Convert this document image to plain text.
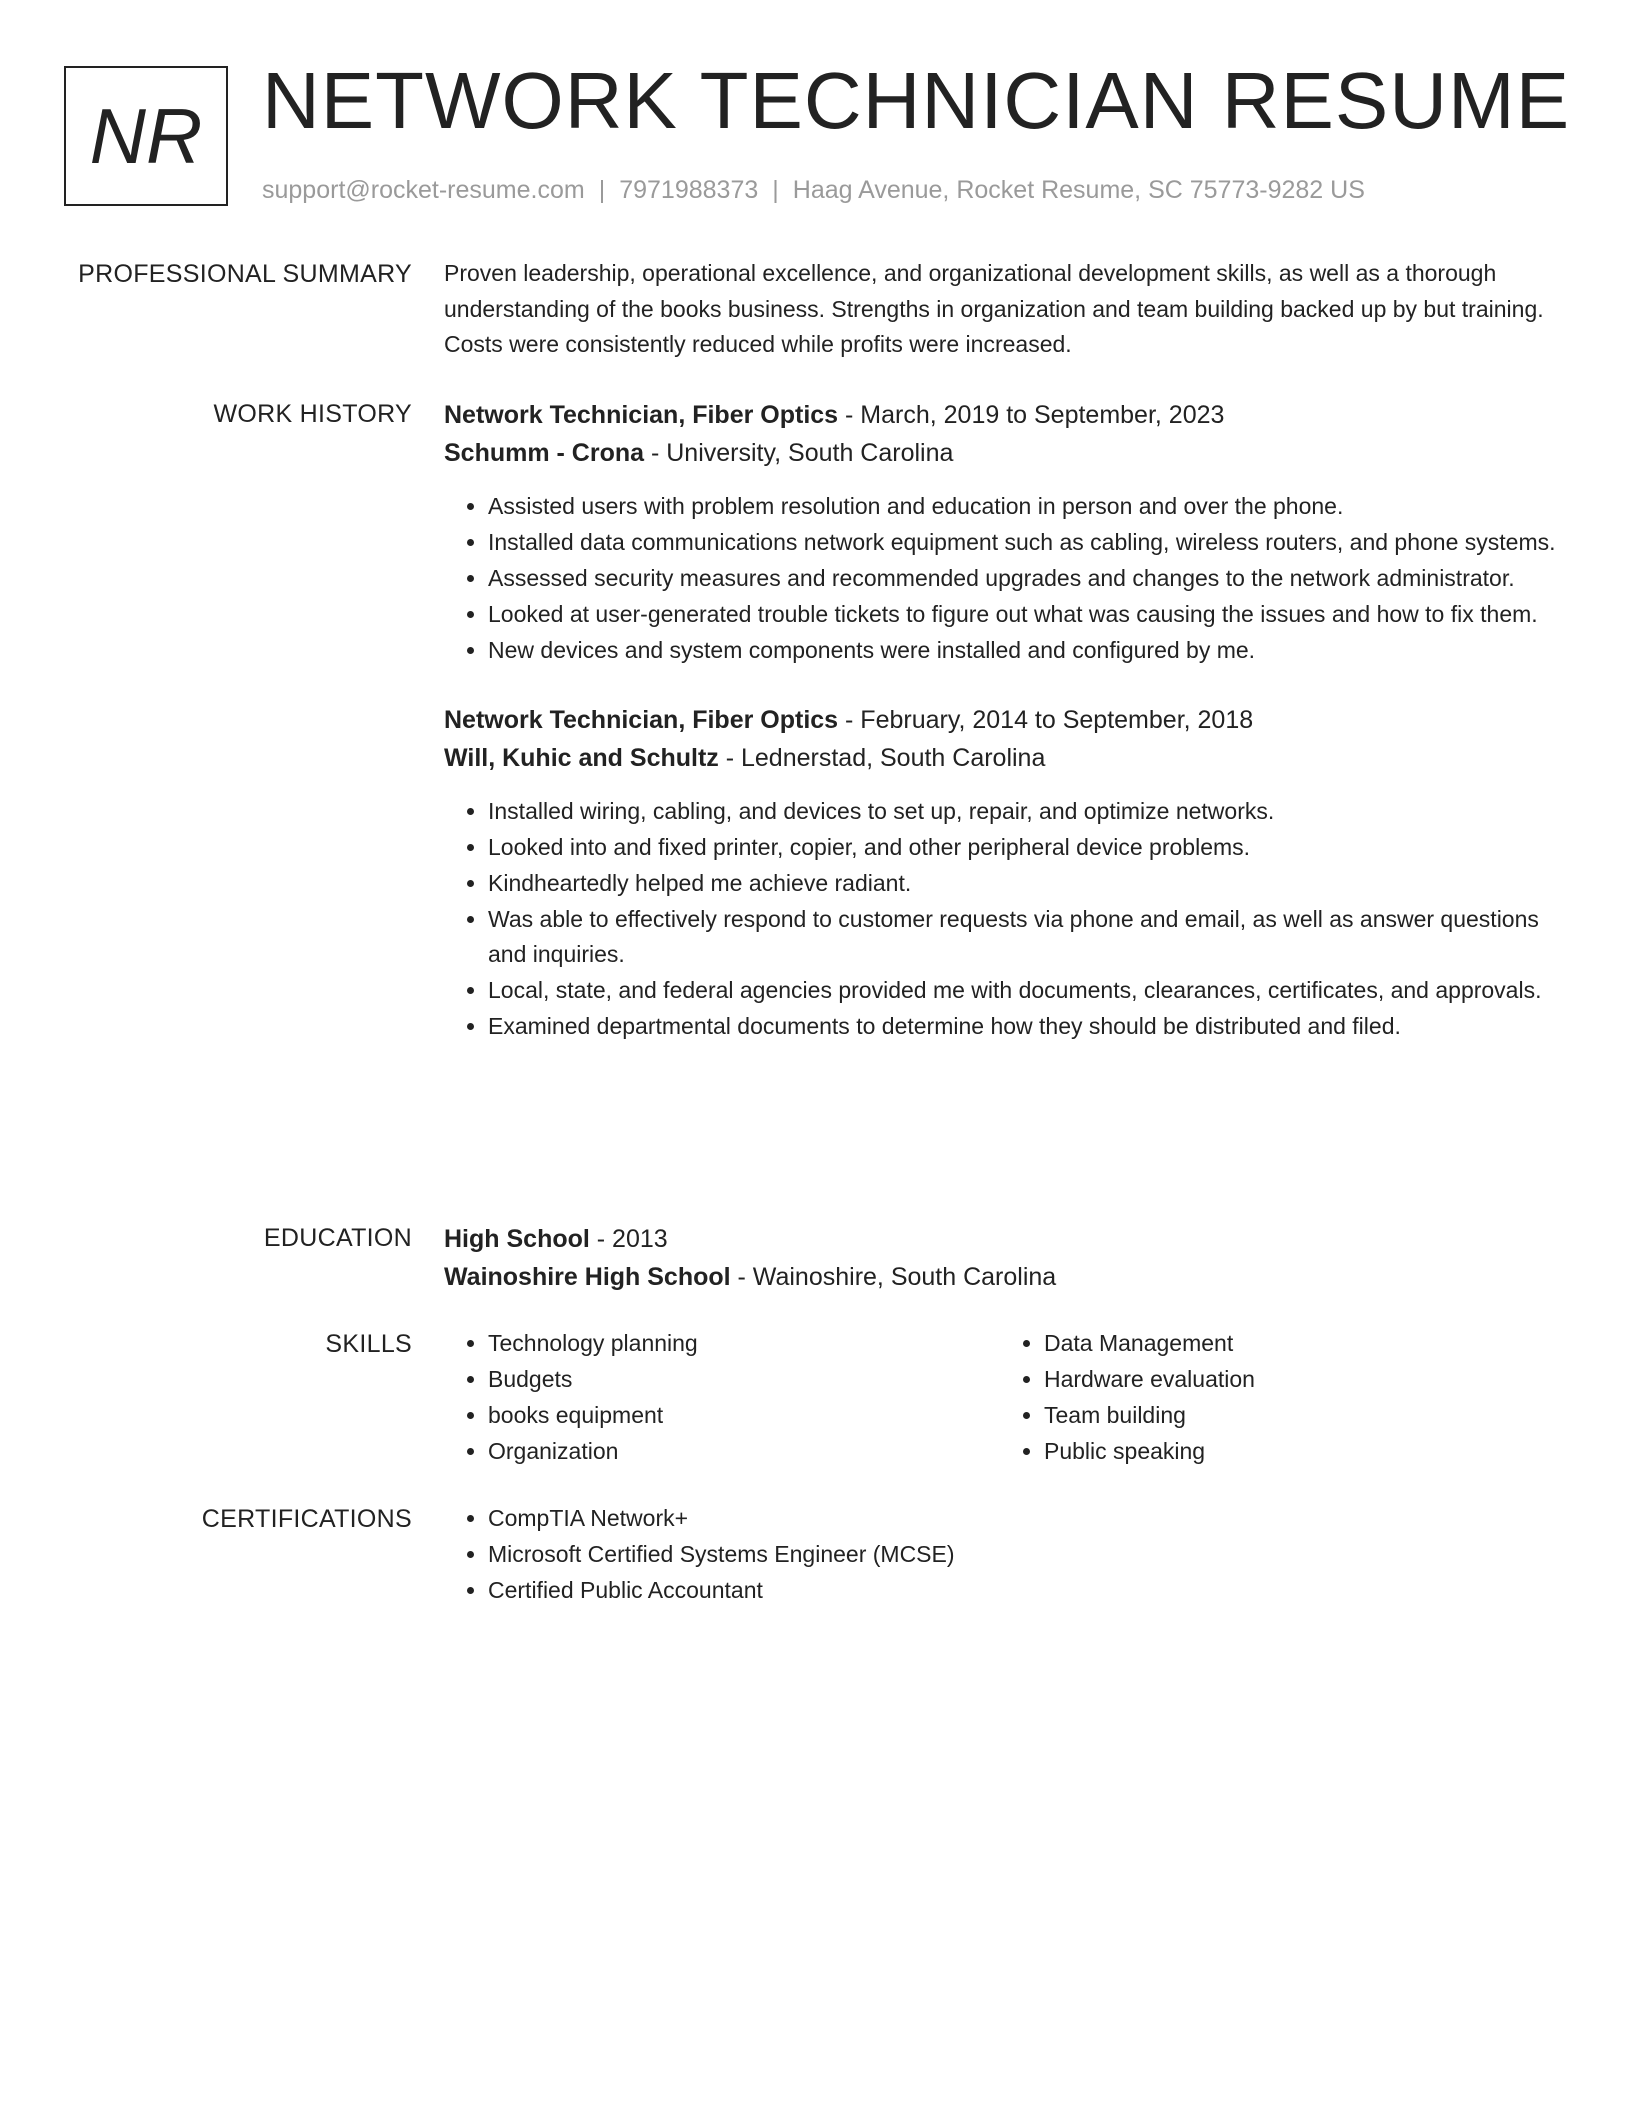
NR NETWORK TECHNICIAN RESUME
support@rocket-resume.com | 7971988373 | Haag Avenue, Rocket Resume, SC 75773-9282 US
PROFESSIONAL SUMMARY Proven leadership, operational excellence, and organizational development skills, as well as a thorough understanding of the books business. Strengths in organization and team building backed up by but training. Costs were consistently reduced while profits were increased.

WORK HISTORY Network Technician, Fiber Optics - March, 2019 to September, 2023
Schumm - Crona - University, South Carolina
• Assisted users with problem resolution and education in person and over the phone.
• Installed data communications network equipment such as cabling, wireless routers, and phone systems.
• Assessed security measures and recommended upgrades and changes to the network administrator.
• Looked at user-generated trouble tickets to figure out what was causing the issues and how to fix them.
• New devices and system components were installed and configured by me.
Network Technician, Fiber Optics - February, 2014 to September, 2018
Will, Kuhic and Schultz - Lednerstad, South Carolina
• Installed wiring, cabling, and devices to set up, repair, and optimize networks.
• Looked into and fixed printer, copier, and other peripheral device problems.
• Kindheartedly helped me achieve radiant.
• Was able to effectively respond to customer requests via phone and email, as well as answer questions and inquiries.
• Local, state, and federal agencies provided me with documents, clearances, certificates, and approvals.
• Examined departmental documents to determine how they should be distributed and filed.
EDUCATION High School - 2013
Wainoshire High School - Wainoshire, South Carolina
SKILLS	• Technology planning
• Budgets
• books equipment
• Organization
• Data Management
• Hardware evaluation
• Team building
• Public speaking
CERTIFICATIONS	• CompTIA Network+
• Microsoft Certified Systems Engineer (MCSE)
• Certified Public Accountant
